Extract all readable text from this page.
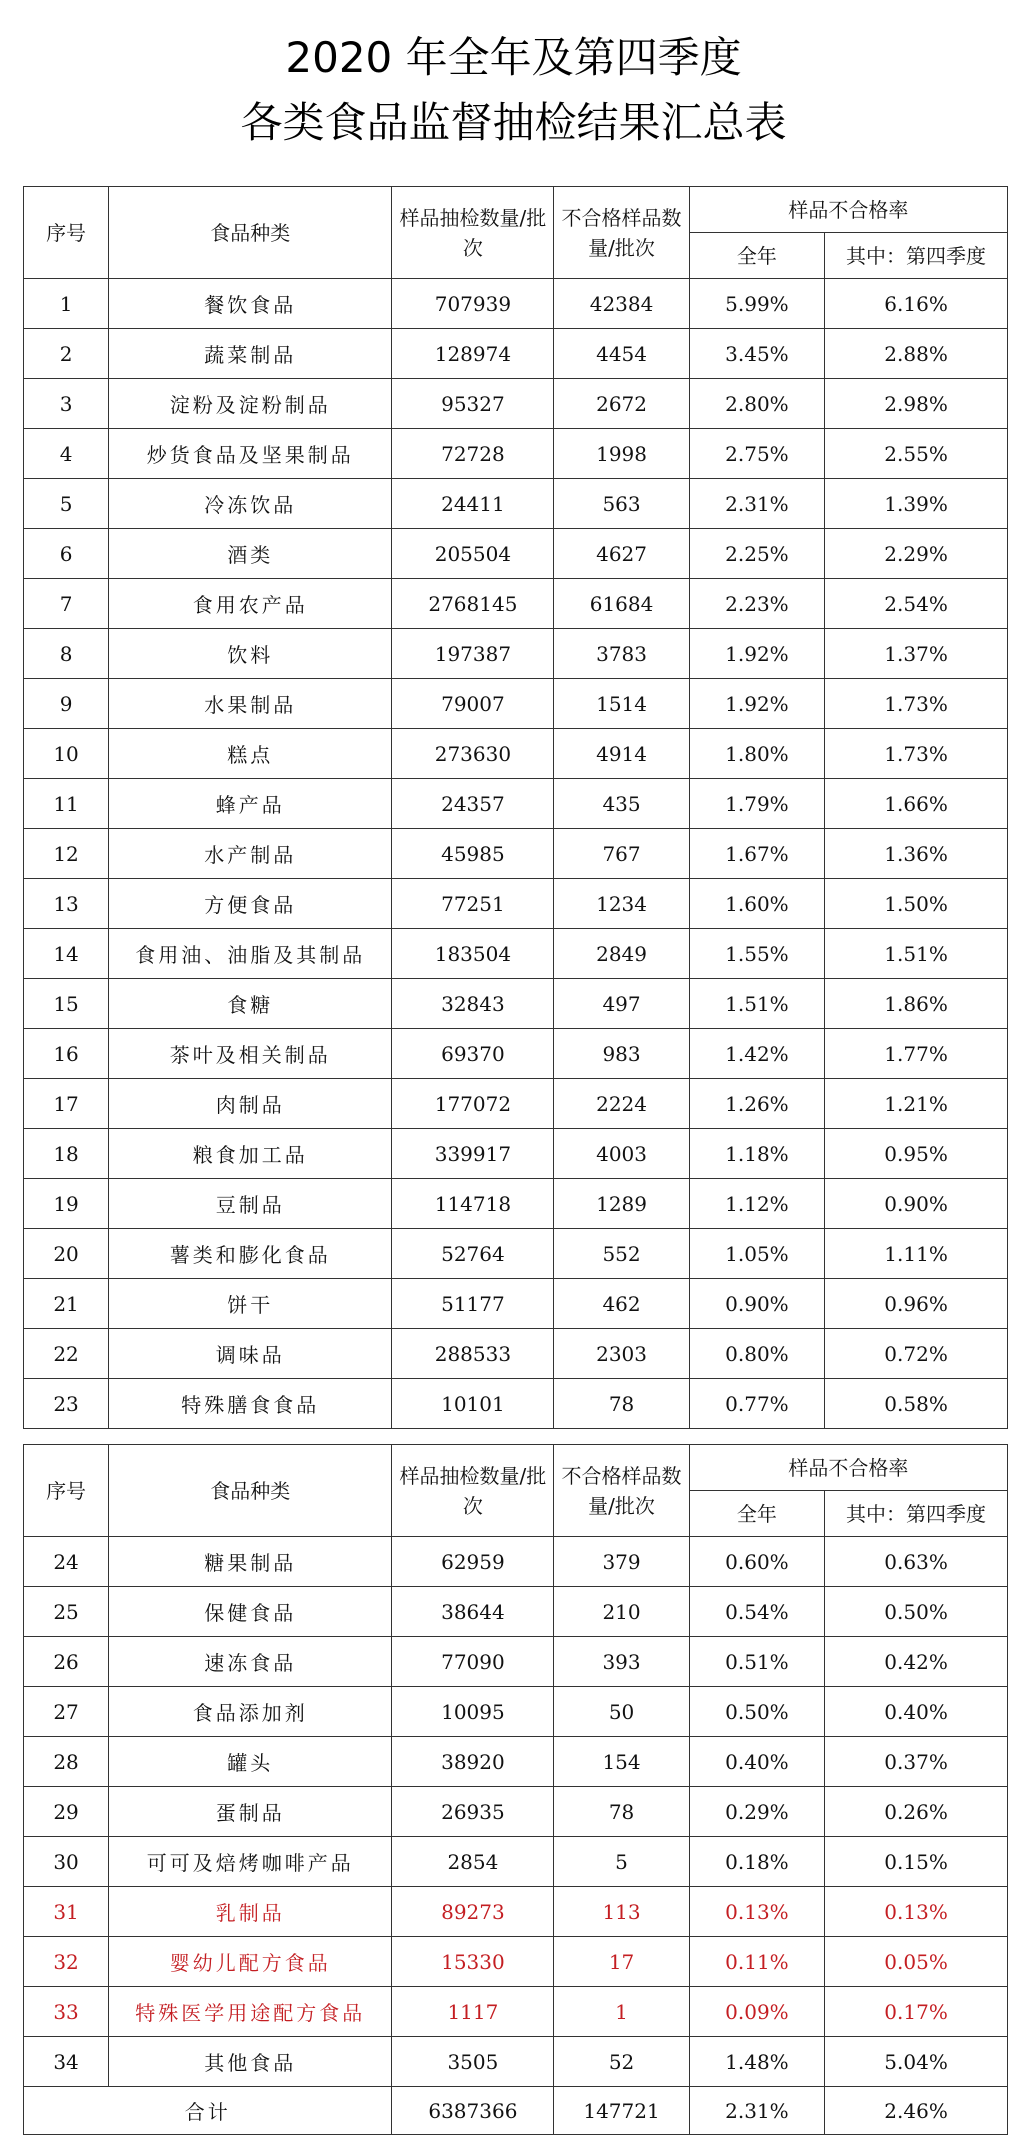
2020 年全年及第四季度
各类食品监督抽检结果汇总表
序号	食品种类	样品抽检数量/批次	不合格样品数量/批次	样品不合格率	
				全年	其中：第四季度
1	餐饮食品	707939	42384	5.99%	6.16%
2	蔬菜制品	128974	4454	3.45%	2.88%
3	淀粉及淀粉制品	95327	2672	2.80%	2.98%
4	炒货食品及坚果制品	72728	1998	2.75%	2.55%
5	冷冻饮品	24411	563	2.31%	1.39%
6	酒类	205504	4627	2.25%	2.29%
7	食用农产品	2768145	61684	2.23%	2.54%
8	饮料	197387	3783	1.92%	1.37%
9	水果制品	79007	1514	1.92%	1.73%
10	糕点	273630	4914	1.80%	1.73%
11	蜂产品	24357	435	1.79%	1.66%
12	水产制品	45985	767	1.67%	1.36%
13	方便食品	77251	1234	1.60%	1.50%
14	食用油、油脂及其制品	183504	2849	1.55%	1.51%
15	食糖	32843	497	1.51%	1.86%
16	茶叶及相关制品	69370	983	1.42%	1.77%
17	肉制品	177072	2224	1.26%	1.21%
18	粮食加工品	339917	4003	1.18%	0.95%
19	豆制品	114718	1289	1.12%	0.90%
20	薯类和膨化食品	52764	552	1.05%	1.11%
21	饼干	51177	462	0.90%	0.96%
22	调味品	288533	2303	0.80%	0.72%
23	特殊膳食食品	10101	78	0.77%	0.58%
序号	食品种类	样品抽检数量/批次	不合格样品数量/批次	样品不合格率	
				全年	其中：第四季度
24	糖果制品	62959	379	0.60%	0.63%
25	保健食品	38644	210	0.54%	0.50%
26	速冻食品	77090	393	0.51%	0.42%
27	食品添加剂	10095	50	0.50%	0.40%
28	罐头	38920	154	0.40%	0.37%
29	蛋制品	26935	78	0.29%	0.26%
30	可可及焙烤咖啡产品	2854	5	0.18%	0.15%
31	乳制品	89273	113	0.13%	0.13%
32	婴幼儿配方食品	15330	17	0.11%	0.05%
33	特殊医学用途配方食品	1117	1	0.09%	0.17%
34	其他食品	3505	52	1.48%	5.04%
合计		6387366	147721	2.31%	2.46%
